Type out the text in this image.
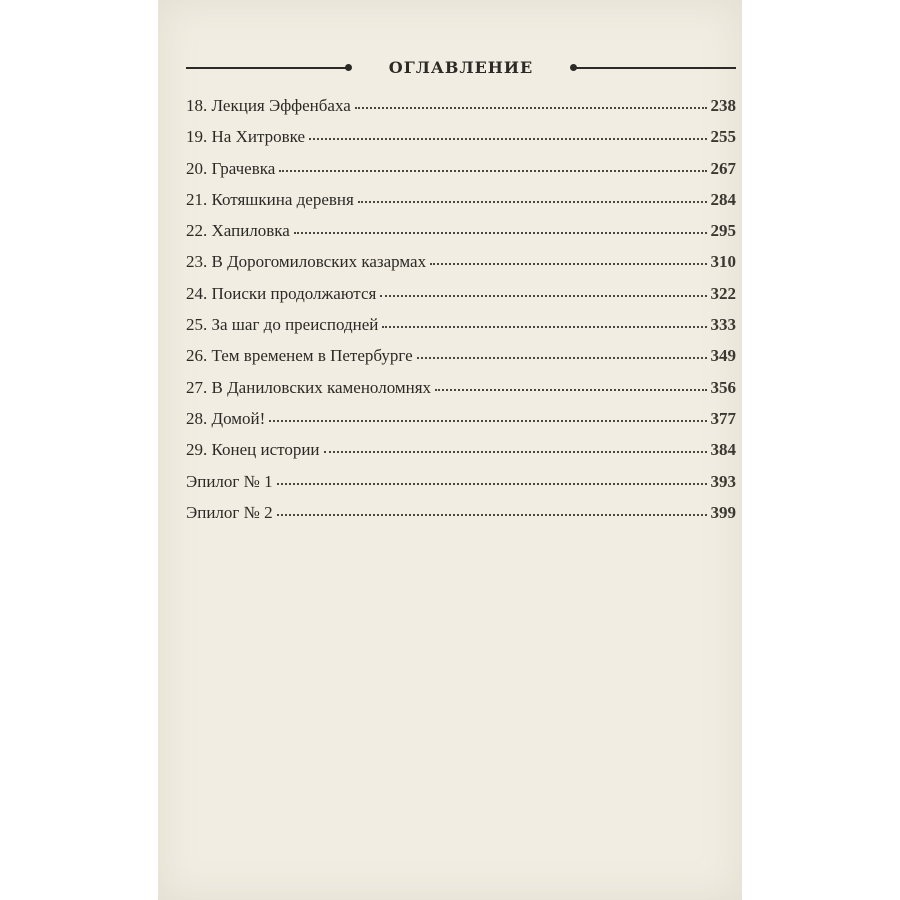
ОГЛАВЛЕНИЕ
18. Лекция Эффенбаха	238
19. На Хитровке	255
20. Грачевка	267
21. Котяшкина деревня	284
22. Хапиловка	295
23. В Дорогомиловских казармах	310
24. Поиски продолжаются	322
25. За шаг до преисподней	333
26. Тем временем в Петербурге	349
27. В Даниловских каменоломнях	356
28. Домой!	377
29. Конец истории	384
Эпилог № 1	393
Эпилог № 2	399
